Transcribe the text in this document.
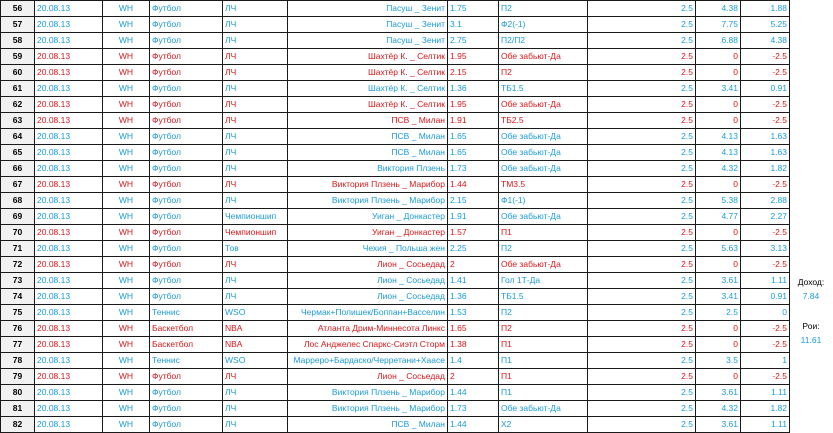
56	20.08.13	WH	Футбол	ЛЧ	Пасуш _ Зенит	1.75	П2	2.5	4.38	1.88
57	20.08.13	WH	Футбол	ЛЧ	Пасуш _ Зенит	3.1	Ф2(-1)	2.5	7.75	5.25
58	20.08.13	WH	Футбол	ЛЧ	Пасуш _ Зенит	2.75	П2/П2	2.5	6.88	4.38
59	20.08.13	WH	Футбол	ЛЧ	Шахтёр К. _ Селтик	1.95	Обе забьют-Да	2.5	0	-2.5
60	20.08.13	WH	Футбол	ЛЧ	Шахтёр К. _ Селтик	2.15	П2	2.5	0	-2.5
61	20.08.13	WH	Футбол	ЛЧ	Шахтёр К. _ Селтик	1.36	ТБ1.5	2.5	3.41	0.91
62	20.08.13	WH	Футбол	ЛЧ	Шахтёр К. _ Селтик	1.95	Обе забьют-Да	2.5	0	-2.5
63	20.08.13	WH	Футбол	ЛЧ	ПСВ _ Милан	1.91	ТБ2.5	2.5	0	-2.5
64	20.08.13	WH	Футбол	ЛЧ	ПСВ _ Милан	1.65	Обе забьют-Да	2.5	4.13	1.63
65	20.08.13	WH	Футбол	ЛЧ	ПСВ _ Милан	1.65	Обе забьют-Да	2.5	4.13	1.63
66	20.08.13	WH	Футбол	ЛЧ	Виктория Плзень	1.73	Обе забьют-Да	2.5	4.32	1.82
67	20.08.13	WH	Футбол	ЛЧ	Виктория Плзень _ Марибор	1.44	ТМ3.5	2.5	0	-2.5
68	20.08.13	WH	Футбол	ЛЧ	Виктория Плзень _ Марибор	2.15	Ф1(-1)	2.5	5.38	2.88
69	20.08.13	WH	Футбол	Чемпионшип	Уиган _ Донкастер	1.91	Обе забьют-Да	2.5	4.77	2.27
70	20.08.13	WH	Футбол	Чемпионшип	Уиган _ Донкастер	1.57	П1	2.5	0	-2.5
71	20.08.13	WH	Футбол	Тов	Чехия _ Польша жен	2.25	П2	2.5	5.63	3.13
72	20.08.13	WH	Футбол	ЛЧ	Лион _ Сосьедад	2	Обе забьют-Да	2.5	0	-2.5
73	20.08.13	WH	Футбол	ЛЧ	Лион _ Сосьедад	1.41	Гол 1Т-Да	2.5	3.61	1.11
74	20.08.13	WH	Футбол	ЛЧ	Лион _ Сосьедад	1.36	ТБ1.5	2.5	3.41	0.91
75	20.08.13	WH	Теннис	WSO	Чермак+Полишек/Боппан+Васселин	1.53	П2	2.5	2.5	0
76	20.08.13	WH	Баскетбол	NBA	Атланта Дрим-Миннесота Линкс	1.65	П2	2.5	0	-2.5
77	20.08.13	WH	Баскетбол	NBA	Лос Анджелес Спаркс-Сиэтл Сторм	1.38	П1	2.5	0	-2.5
78	20.08.13	WH	Теннис	WSO	Марреро+Бардаско/Черретани+Хаасе	1.4	П1	2.5	3.5	1
79	20.08.13	WH	Футбол	ЛЧ	Лион _ Сосьедад	2	П1	2.5	0	-2.5
80	20.08.13	WH	Футбол	ЛЧ	Виктория Плзень _ Марибор	1.44	П1	2.5	3.61	1.11
81	20.08.13	WH	Футбол	ЛЧ	Виктория Плзень _ Марибор	1.73	Обе забьют-Да	2.5	4.32	1.82
82	20.08.13	WH	Футбол	ЛЧ	ПСВ _ Милан	1.44	Х2	2.5	3.61	1.11
Доход:
7.84
Рои:
11.61
